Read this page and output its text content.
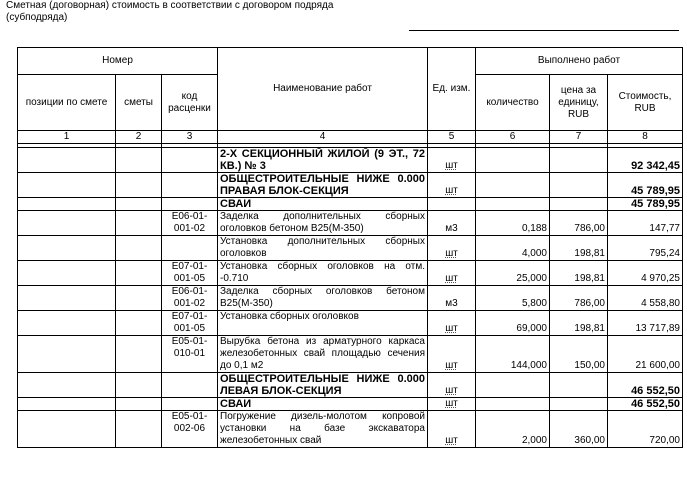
Сметная (договорная) стоимость в соответствии с договором подряда (субподряда)
Номер			Наименование работ	Ед. изм.	Выполнено работ		
позиции по смете	сметы	код расценки			количество	цена за единицу, RUB	Стоимость, RUB
1	2	3	4	5	6	7	8

			2-Х СЕКЦИОННЫЙ ЖИЛОЙ (9 ЭТ., 72 КВ.) № 3	шт			92 342,45
			ОБЩЕСТРОИТЕЛЬНЫЕ НИЖЕ 0.000 ПРАВАЯ БЛОК-СЕКЦИЯ	шт			45 789,95
			СВАИ				45 789,95
		Е06-01-001-02	Заделка дополнительных сборных оголовков бетоном В25(М-350)	м3	0,188	786,00	147,77
			Установка дополнительных сборных оголовков	шт	4,000	198,81	795,24
		Е07-01-001-05	Установка сборных оголовков на отм. -0.710	шт	25,000	198,81	4 970,25
		Е06-01-001-02	Заделка сборных оголовков бетоном В25(М-350)	м3	5,800	786,00	4 558,80
		Е07-01-001-05	Установка сборных оголовков	шт	69,000	198,81	13 717,89
		Е05-01-010-01	Вырубка бетона из арматурного каркаса железобетонных свай площадью сечения до 0,1 м2	шт	144,000	150,00	21 600,00
			ОБЩЕСТРОИТЕЛЬНЫЕ НИЖЕ 0.000 ЛЕВАЯ БЛОК-СЕКЦИЯ	шт			46 552,50
			СВАИ	шт			46 552,50
		Е05-01-002-06	Погружение дизель-молотом копровой установки на базе экскаватора железобетонных свай	шт	2,000	360,00	720,00
